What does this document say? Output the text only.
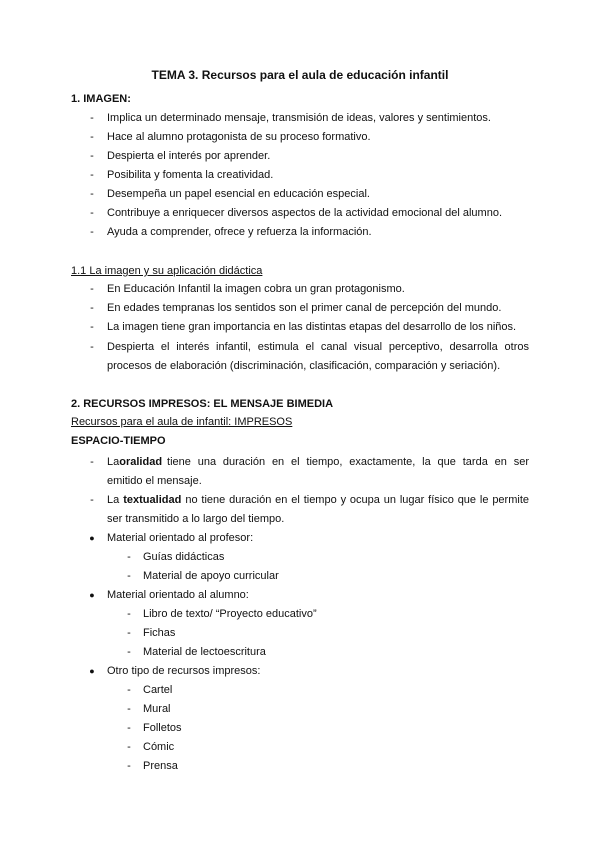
TEMA 3. Recursos para el aula de educación infantil
1. IMAGEN:
- Implica un determinado mensaje, transmisión de ideas, valores y sentimientos.
- Hace al alumno protagonista de su proceso formativo.
- Despierta el interés por aprender.
- Posibilita y fomenta la creatividad.
- Desempeña un papel esencial en educación especial.
- Contribuye a enriquecer diversos aspectos de la actividad emocional del alumno.
- Ayuda a comprender, ofrece y refuerza la información.
1.1 La imagen y su aplicación didáctica
- En Educación Infantil la imagen cobra un gran protagonismo.
- En edades tempranas los sentidos son el primer canal de percepción del mundo.
- La imagen tiene gran importancia en las distintas etapas del desarrollo de los niños.
- Despierta el interés infantil, estimula el canal visual perceptivo, desarrolla otros
procesos de elaboración (discriminación, clasificación, comparación y seriación).
2. RECURSOS IMPRESOS: EL MENSAJE BIMEDIA
Recursos para el aula de infantil: IMPRESOS
ESPACIO-TIEMPO
- La oralidad tiene una duración en el tiempo, exactamente, la que tarda en ser
emitido el mensaje.
- La textualidad no tiene duración en el tiempo y ocupa un lugar físico que le permite
ser transmitido a lo largo del tiempo.
● Material orientado al profesor:
- Guías didácticas
- Material de apoyo curricular
● Material orientado al alumno:
- Libro de texto/ “Proyecto educativo”
- Fichas
- Material de lectoescritura
● Otro tipo de recursos impresos:
- Cartel
- Mural
- Folletos
- Cómic
- Prensa
